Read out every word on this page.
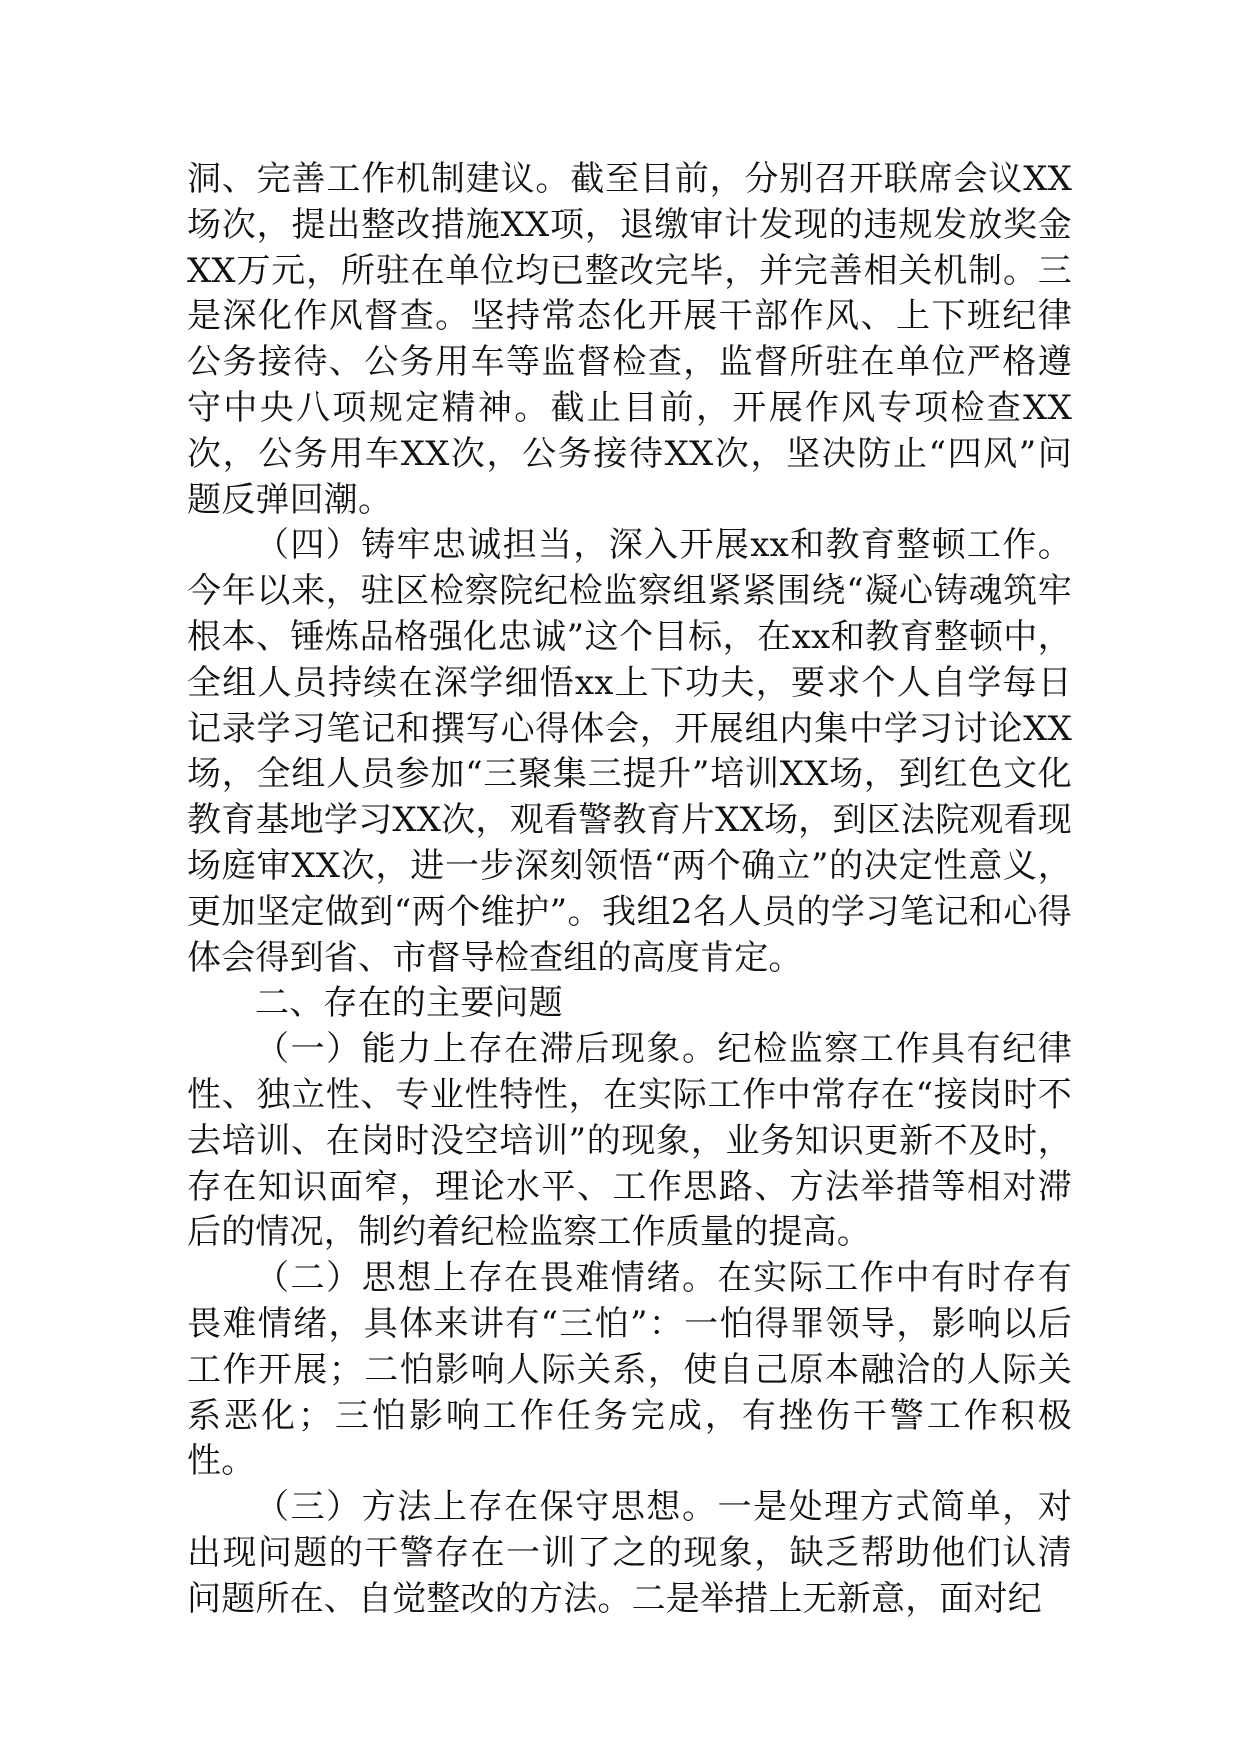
洞、完善工作机制建议。截至目前，分别召开联席会议XX场次，提出整改措施XX项，退缴审计发现的违规发放奖金XX万元，所驻在单位均已整改完毕，并完善相关机制。三是深化作风督查。坚持常态化开展干部作风、上下班纪律公务接待、公务用车等监督检查，监督所驻在单位严格遵守中央八项规定精神。截止目前，开展作风专项检查XX次，公务用车XX次，公务接待XX次，坚决防止“四风”问题反弹回潮。

（四）铸牢忠诚担当，深入开展xx和教育整顿工作。今年以来，驻区检察院纪检监察组紧紧围绕“凝心铸魂筑牢根本、锤炼品格强化忠诚”这个目标，在xx和教育整顿中，全组人员持续在深学细悟xx上下功夫，要求个人自学每日记录学习笔记和撰写心得体会，开展组内集中学习讨论XX场，全组人员参加“三聚集三提升”培训XX场，到红色文化教育基地学习XX次，观看警教育片XX场，到区法院观看现场庭审XX次，进一步深刻领悟“两个确立”的决定性意义，更加坚定做到“两个维护”。我组2名人员的学习笔记和心得体会得到省、市督导检查组的高度肯定。

二、存在的主要问题

（一）能力上存在滞后现象。纪检监察工作具有纪律性、独立性、专业性特性，在实际工作中常存在“接岗时不去培训、在岗时没空培训”的现象，业务知识更新不及时，存在知识面窄，理论水平、工作思路、方法举措等相对滞后的情况，制约着纪检监察工作质量的提高。

（二）思想上存在畏难情绪。在实际工作中有时存有畏难情绪，具体来讲有“三怕”：一怕得罪领导，影响以后工作开展；二怕影响人际关系，使自己原本融洽的人际关系恶化；三怕影响工作任务完成，有挫伤干警工作积极性。

（三）方法上存在保守思想。一是处理方式简单，对出现问题的干警存在一训了之的现象，缺乏帮助他们认清问题所在、自觉整改的方法。二是举措上无新意，面对纪
